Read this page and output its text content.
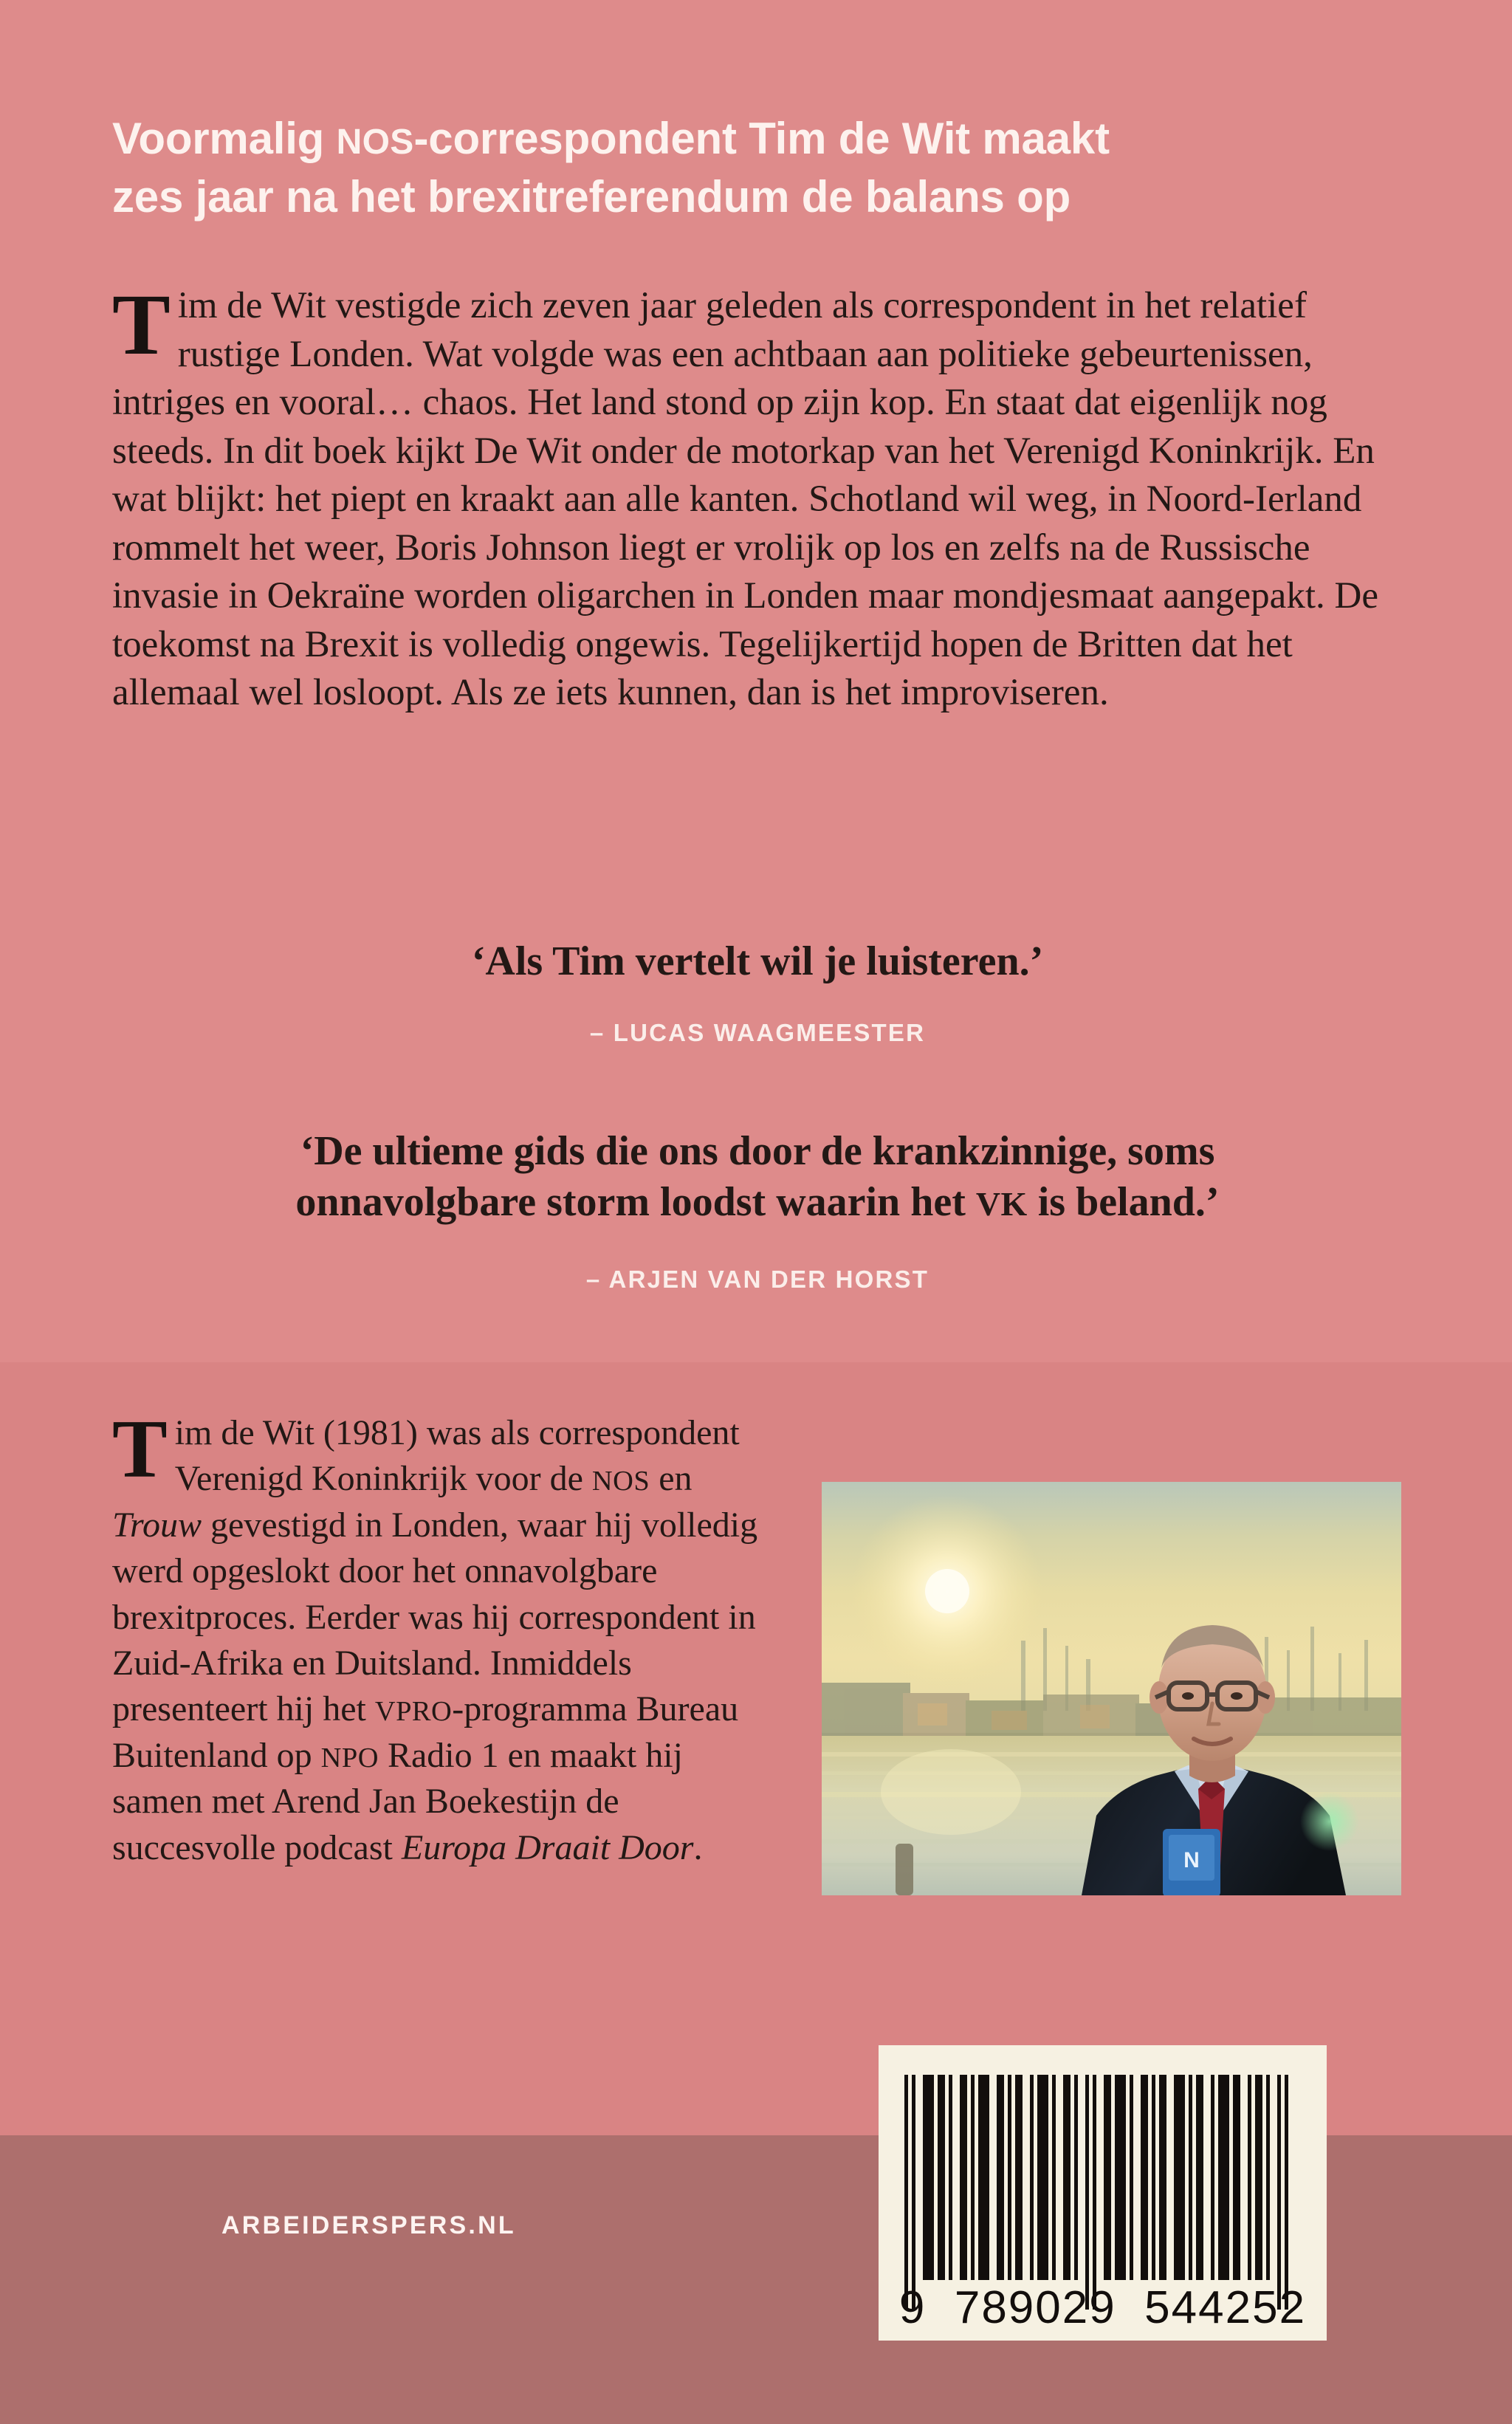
Voormalig NOS-correspondent Tim de Wit maakt
zes jaar na het brexitreferendum de balans op
Tim de Wit vestigde zich zeven jaar geleden als correspondent in het relatief rustige Londen. Wat volgde was een achtbaan aan politieke gebeurtenissen, intriges en vooral… chaos. Het land stond op zijn kop. En staat dat eigenlijk nog steeds. In dit boek kijkt De Wit onder de motorkap van het Verenigd Koninkrijk. En wat blijkt: het piept en kraakt aan alle kanten. Schotland wil weg, in Noord-Ierland rommelt het weer, Boris Johnson liegt er vrolijk op los en zelfs na de Russische invasie in Oekraïne worden oligarchen in Londen maar mondjesmaat aangepakt. De toekomst na Brexit is volledig ongewis. Tegelijkertijd hopen de Britten dat het allemaal wel losloopt. Als ze iets kunnen, dan is het improviseren.
‘Als Tim vertelt wil je luisteren.’
– LUCAS WAAGMEESTER
‘De ultieme gids die ons door de krankzinnige, soms
onnavolgbare storm loodst waarin het VK is beland.’
– ARJEN VAN DER HORST
Tim de Wit (1981) was als correspondent Verenigd Koninkrijk voor de NOS en Trouw gevestigd in Londen, waar hij volledig werd opgeslokt door het onnavolgbare brexitproces. Eerder was hij correspondent in Zuid-Afrika en Duitsland. Inmiddels presenteert hij het VPRO-programma Bureau Buitenland op NPO Radio 1 en maakt hij samen met Arend Jan Boekestijn de succesvolle podcast Europa Draait Door.	N
ARBEIDERSPERS.NL
9  789029  544252
